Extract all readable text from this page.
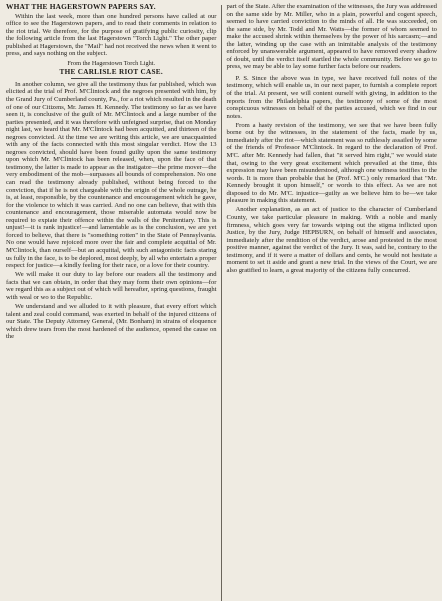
WHAT THE HAGERSTOWN PAPERS SAY.

Within the last week, more than one hundred persons have called at our office to see the Hagerstown papers, and to read their comments in relation to the riot trial. We therefore, for the purpose of gratifying public curiosity, clip the following article from the last Hagerstown "Torch Light." The other paper published at Hagerstown, the "Mail" had not received the news when it went to press, and says nothing on the subject.

From the Hagerstown Torch Light.
THE CARLISLE RIOT CASE.

In another column, we give all the testimony thus far published, which was elicited at the trial of Prof. M'Clintock and the negroes presented with him, by the Grand Jury of Cumberland county, Pa., for a riot which resulted in the death of one of our Citizens, Mr. James H. Kennedy. The testimony so far as we have seen it, is conclusive of the guilt of Mr. M'Clintock and a large number of the parties presented, and it was therefore with unfeigned surprise, that on Monday night last, we heard that Mr. M'Clintock had been acquitted, and thirteen of the negroes convicted. At the time we are writing this article, we are unacquainted with any of the facts connected with this most singular verdict. How the 13 negroes convicted, should have been found guilty upon the same testimony upon which Mr. M'Clintock has been released, when, upon the face of that testimony, the latter is made to appear as the instigator—the prime mover—the very embodiment of the mob—surpasses all bounds of comprehension. No one can read the testimony already published, without being forced to the conviction, that if he is not chargeable with the origin of the whole outrage, he is, at least, responsible, by the countenance and encouragement which he gave, for the violence to which it was carried. And no one can believe, that with this countenance and encouragement, those miserable automata would now be required to expiate their offence within the walls of the Penitentiary. This is unjust!—it is rank injustice!—and lamentable as is the conclusion, we are yet forced to believe, that there is "something rotten" in the State of Pennsylvania. No one would have rejoiced more over the fair and complete acquittal of Mr. M'Clintock, than ourself—but an acquittal, with such antagonistic facts staring us fully in the face, is to be deplored, most deeply, by all who entertain a proper respect for justice—a kindly feeling for their race, or a love for their country.

We will make it our duty to lay before our readers all the testimony and facts that we can obtain, in order that they may form their own opinions—for we regard this as a subject out of which will hereafter, spring questions, fraught with weal or wo to the Republic.

We understand and we alluded to it with pleasure, that every effort which talent and zeal could command, was exerted in behalf of the injured citizens of our State. The Deputy Attorney General, (Mr. Bonham) in strains of eloquence which drew tears from the most hardened of the audience, opened the cause on the

part of the State. After the examination of the witnesses, the Jury was addressed on the same side by Mr. Miller, who in a plain, powerful and cogent speech, seemed to have carried conviction to the minds of all. He was succeeded, on the same side, by Mr. Todd and Mr. Watts—the former of whom seemed to make the accused shrink within themselves by the power of his sarcasm;—and the latter, winding up the case with an inimitable analysis of the testimony enforced by unanswerable argument, appeared to have removed every shadow of doubt, until the verdict itself startled the whole community. Before we go to press, we may be able to lay some further facts before our readers.

P. S. Since the above was in type, we have received full notes of the testimony, which will enable us, in our next paper, to furnish a complete report of the trial. At present, we will content ourself with giving, in addition to the reports from the Philadelphia papers, the testimony of some of the most conspicuous witnesses on behalf of the parties accused, which we find in our notes.

From a hasty revision of the testimony, we see that we have been fully borne out by the witnesses, in the statement of the facts, made by us, immediately after the riot—which statement was so ruthlessly assailed by some of the friends of Professor M'Clintock. In regard to the declaration of Prof. M'C. after Mr. Kennedy had fallen, that "it served him right," we would state that, owing to the very great excitement which prevailed at the time, this expression may have been misunderstood, although one witness testifies to the words. It is more than probable that he (Prof. M'C.) only remarked that "Mr. Kennedy brought it upon himself," or words to this effect. As we are not disposed to do Mr. M'C. injustice—guilty as we believe him to be—we take pleasure in making this statement.

Another explanation, as an act of justice to the character of Cumberland County, we take particular pleasure in making. With a noble and manly firmness, which goes very far towards wiping out the stigma inflicted upon Justice, by the Jury, Judge HEPBURN, on behalf of himself and associates, immediately after the rendition of the verdict, arose and protested in the most positive manner, against the verdict of the Jury. It was, said he, contrary to the testimony, and if it were a matter of dollars and cents, he would not hesitate a moment to set it aside and grant a new trial. In the views of the Court, we are also gratified to learn, a great majority of the citizens fully concurred.
